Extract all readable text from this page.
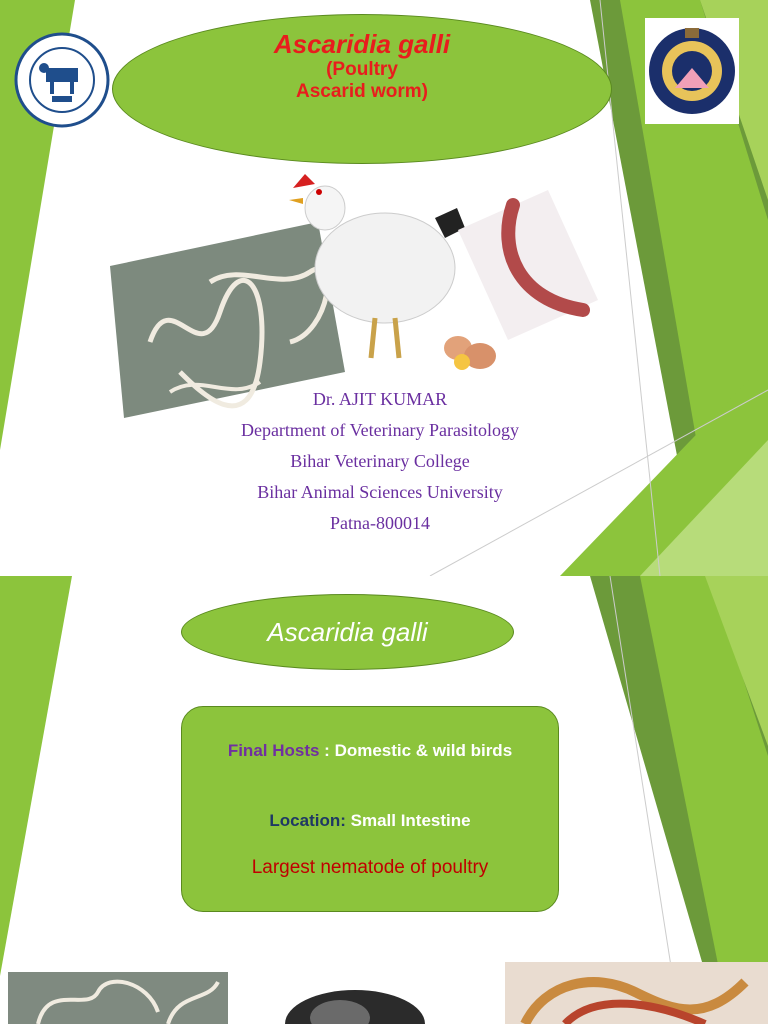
Ascaridia galli
(Poultry
Ascarid worm)
Dr. AJIT KUMAR
Department of Veterinary Parasitology
Bihar Veterinary College
Bihar Animal Sciences University
Patna-800014
Ascaridia galli
Final Hosts : Domestic & wild birds
Location: Small Intestine
Largest nematode of poultry
